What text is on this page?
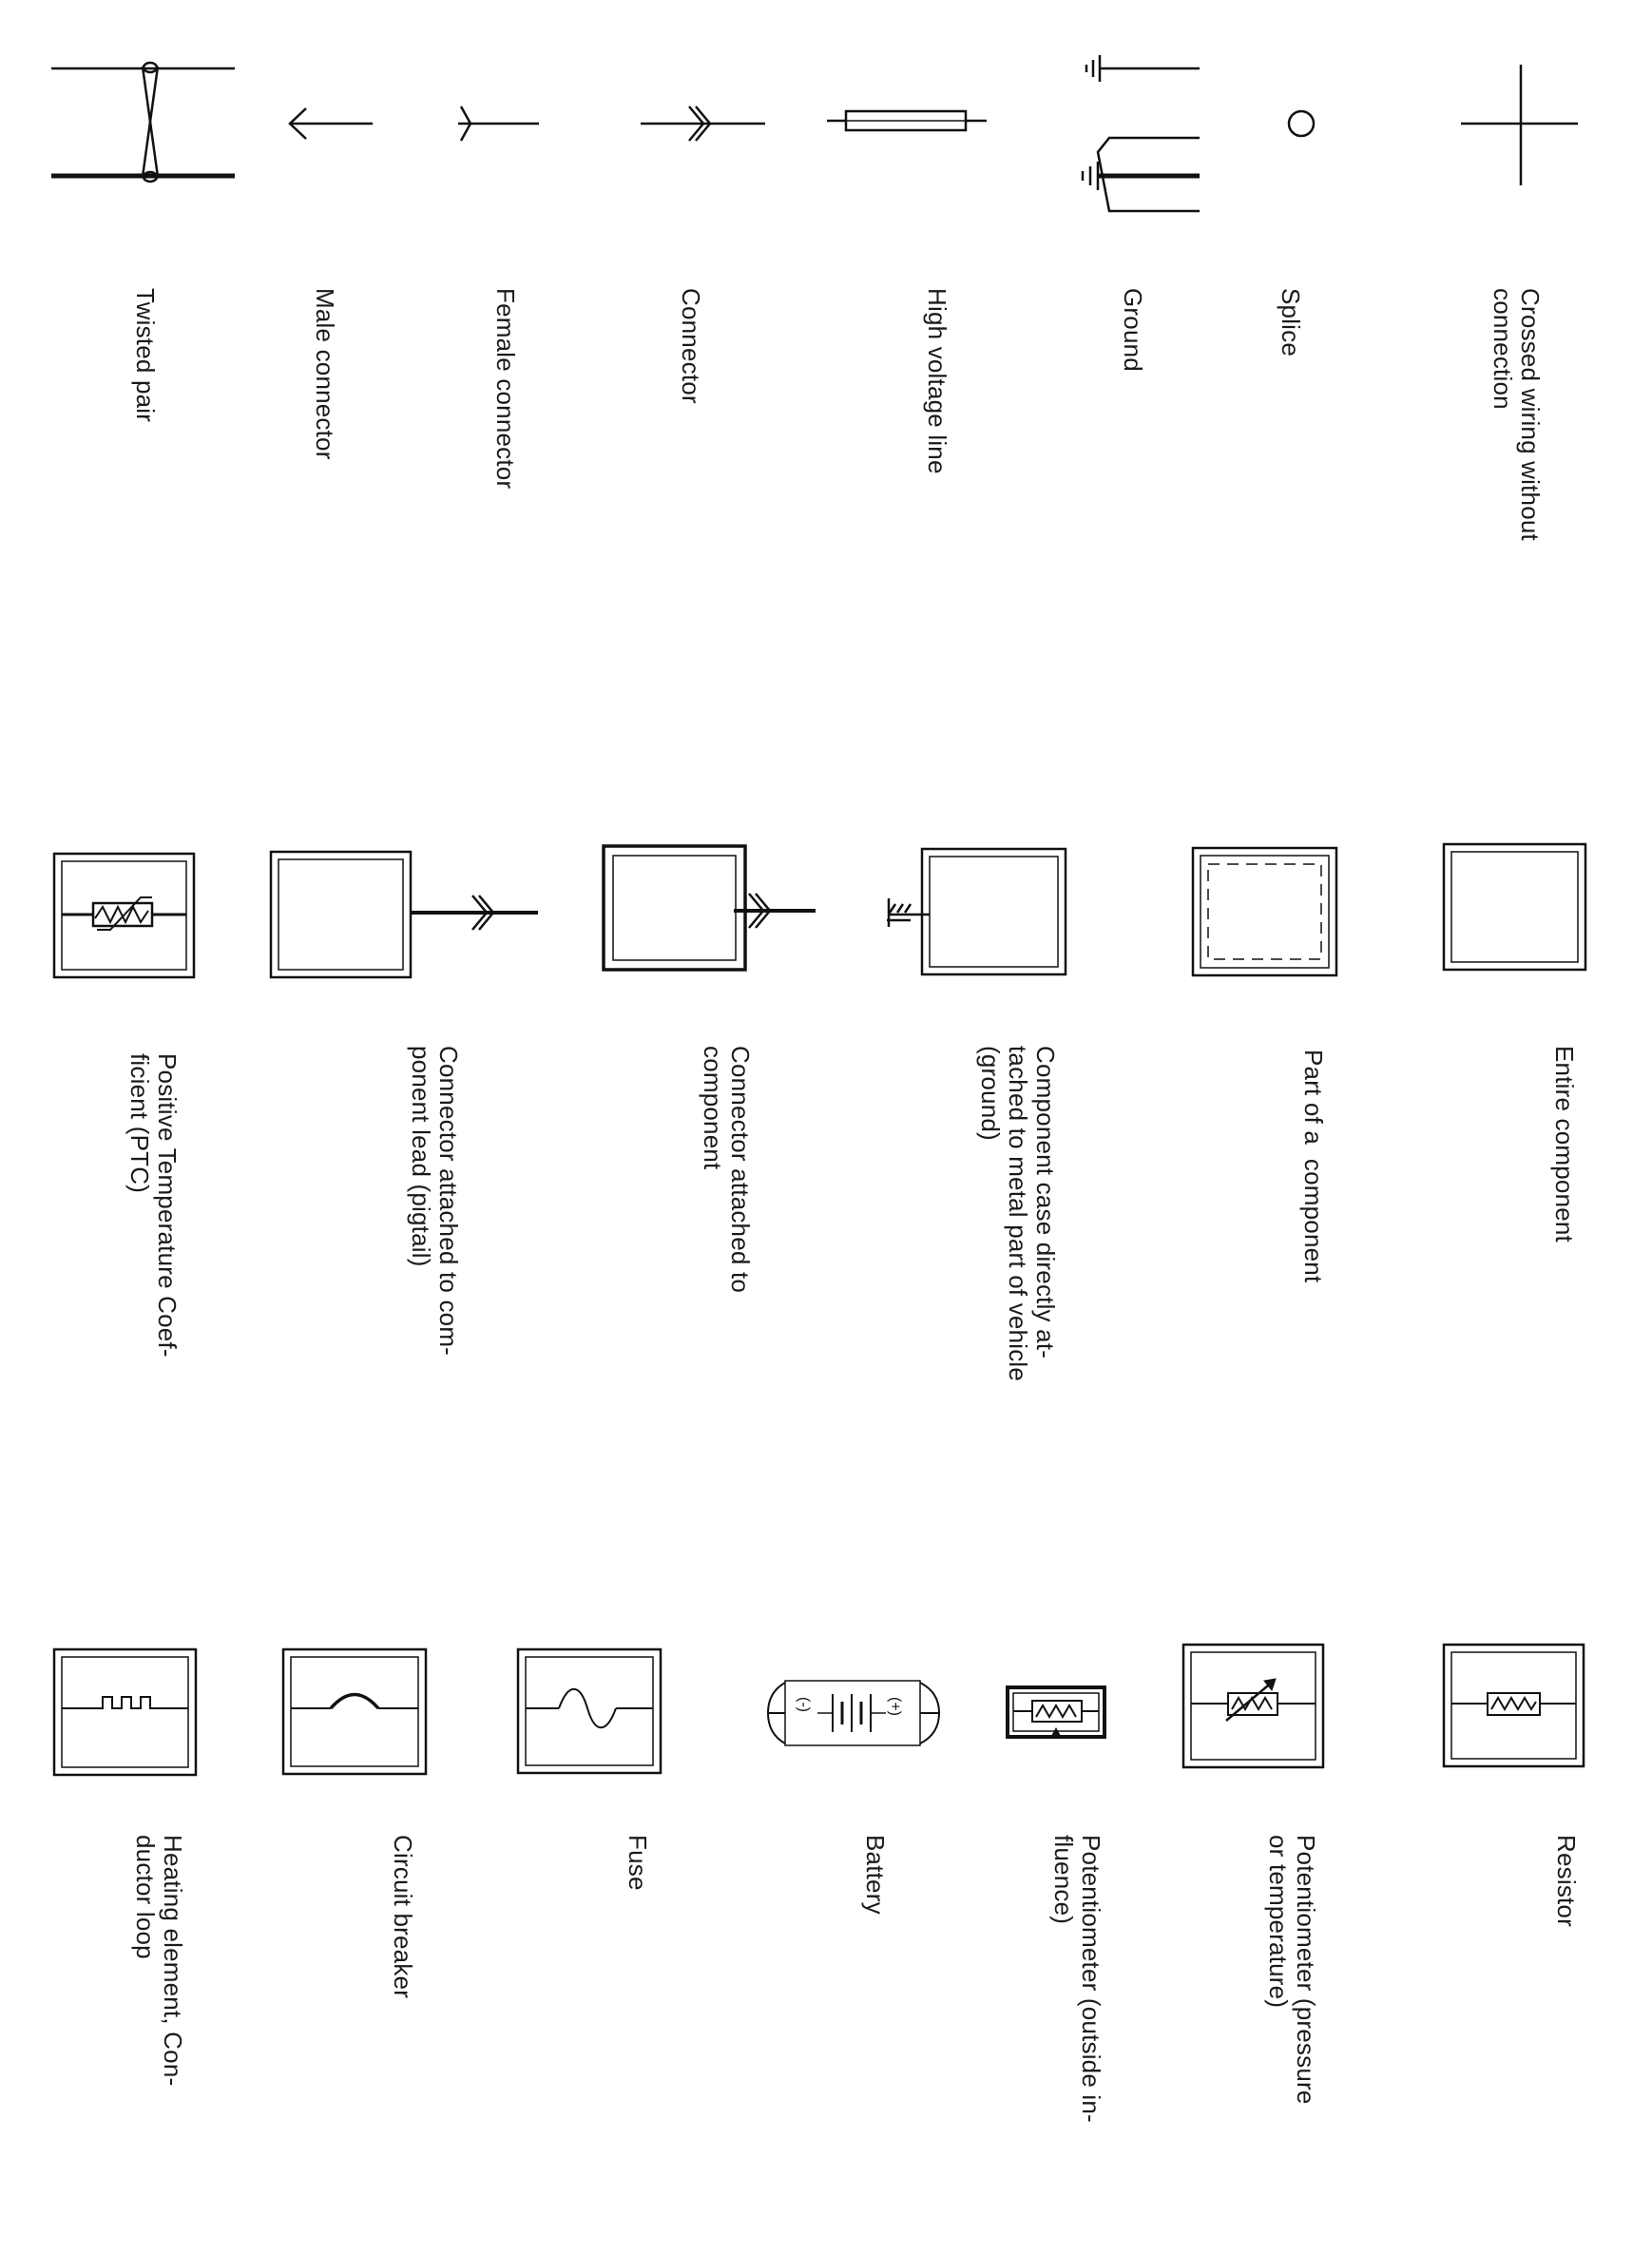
(-)	(+)
Twisted pair	Male connector	Female connector	Connector	High voltage line	Ground	Splice	Crossed wiring without
connection
Positive Temperature Coef-
ficient (PTC)	Connector attached to com-
ponent lead (pigtail)
Connector attached to
component	Component case directly at-
tached to metal part of vehicle
(ground)	Part of a  component	Entire component
Heating element, Con-
ductor loop	Circuit breaker	Fuse	Battery	Potentiometer (outside in-
fluence)	Potentiometer (pressure
or temperature)	Resistor
